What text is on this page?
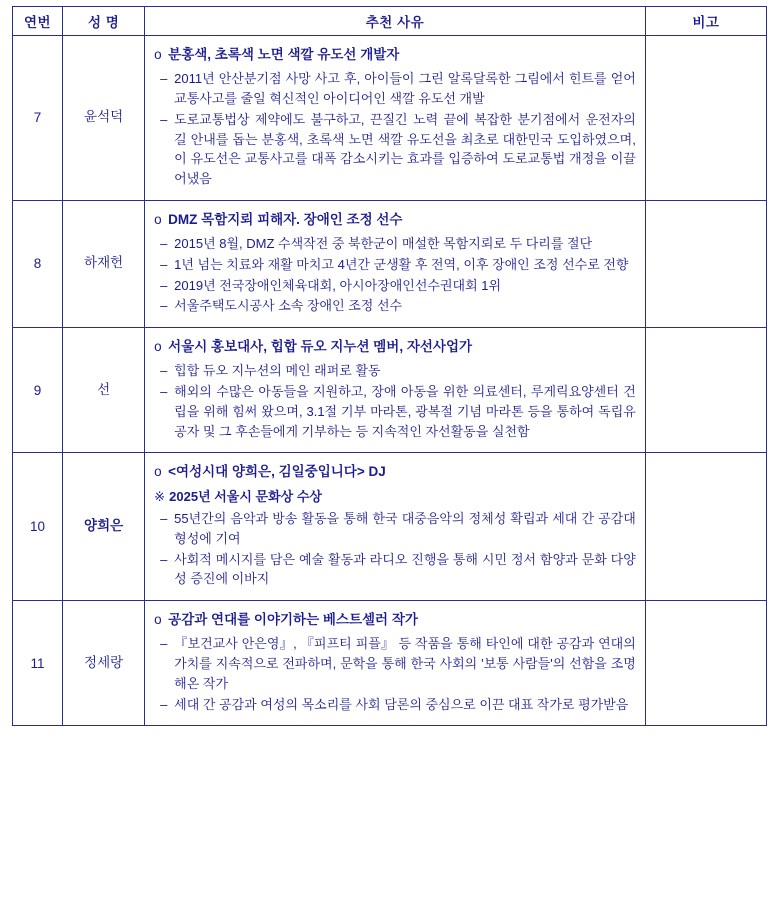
연번	성 명	추천 사유	비고
7	윤석덕	
o 분홍색, 초록색 노면 색깔 유도선 개발자
– 2011년 안산분기점 사망 사고 후, 아이들이 그린 알록달록한 그림에서 힌트를 얻어 교통사고를 줄일 혁신적인 아이디어인 색깔 유도선 개발
– 도로교통법상 제약에도 불구하고, 끈질긴 노력 끝에 복잡한 분기점에서 운전자의 길 안내를 돕는 분홍색, 초록색 노면 색깔 유도선을 최초로 대한민국 도입하였으며, 이 유도선은 교통사고를 대폭 감소시키는 효과를 입증하여 도로교통법 개정을 이끌어냈음

8	하재헌	
o DMZ 목함지뢰 피해자. 장애인 조정 선수
– 2015년 8월, DMZ 수색작전 중 북한군이 매설한 목함지뢰로 두 다리를 절단
– 1년 넘는 치료와 재활 마치고 4년간 군생활 후 전역, 이후 장애인 조정 선수로 전향
– 2019년 전국장애인체육대회, 아시아장애인선수권대회 1위
– 서울주택도시공사 소속 장애인 조정 선수

9	선	
o 서울시 홍보대사, 힙합 듀오 지누션 멤버, 자선사업가
– 힙합 듀오 지누션의 메인 래퍼로 활동
– 해외의 수많은 아동들을 지원하고, 장애 아동을 위한 의료센터, 루게릭요양센터 건립을 위해 힘써 왔으며, 3.1절 기부 마라톤, 광복절 기념 마라톤 등을 통하여 독립유공자 및 그 후손들에게 기부하는 등 지속적인 자선활동을 실천함

10	양희은	
o <여성시대 양희은, 김일중입니다> DJ
※ 2025년 서울시 문화상 수상
– 55년간의 음악과 방송 활동을 통해 한국 대중음악의 정체성 확립과 세대 간 공감대 형성에 기여
– 사회적 메시지를 담은 예술 활동과 라디오 진행을 통해 시민 정서 함양과 문화 다양성 증진에 이바지

11	정세랑	
o 공감과 연대를 이야기하는 베스트셀러 작가
– 『보건교사 안은영』, 『피프티 피플』 등 작품을 통해 타인에 대한 공감과 연대의 가치를 지속적으로 전파하며, 문학을 통해 한국 사회의 '보통 사람들'의 선함을 조명해온 작가
– 세대 간 공감과 여성의 목소리를 사회 담론의 중심으로 이끈 대표 작가로 평가받음
